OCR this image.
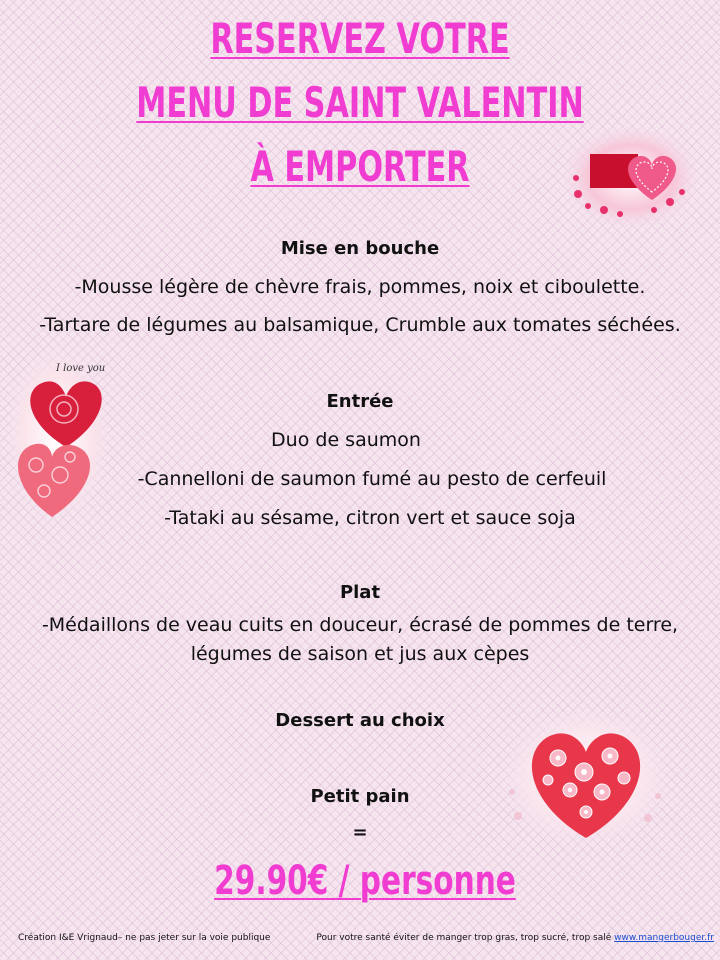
RESERVEZ VOTRE
MENU DE SAINT VALENTIN
À EMPORTER
I love you
Mise en bouche
-Mousse légère de chèvre frais, pommes, noix et ciboulette.
-Tartare de légumes au balsamique, Crumble aux tomates séchées.
Entrée
Duo de saumon
-Cannelloni de saumon fumé au pesto de cerfeuil
-Tataki au sésame, citron vert et sauce soja
Plat
-Médaillons de veau cuits en douceur, écrasé de pommes de terre,
légumes de saison et jus aux cèpes
Dessert au choix
Petit pain
=
29.90€ / personne
Création I&E Vrignaud– ne pas jeter sur la voie publique	Pour votre santé éviter de manger trop gras, trop sucré, trop salé www.mangerbouger.fr
